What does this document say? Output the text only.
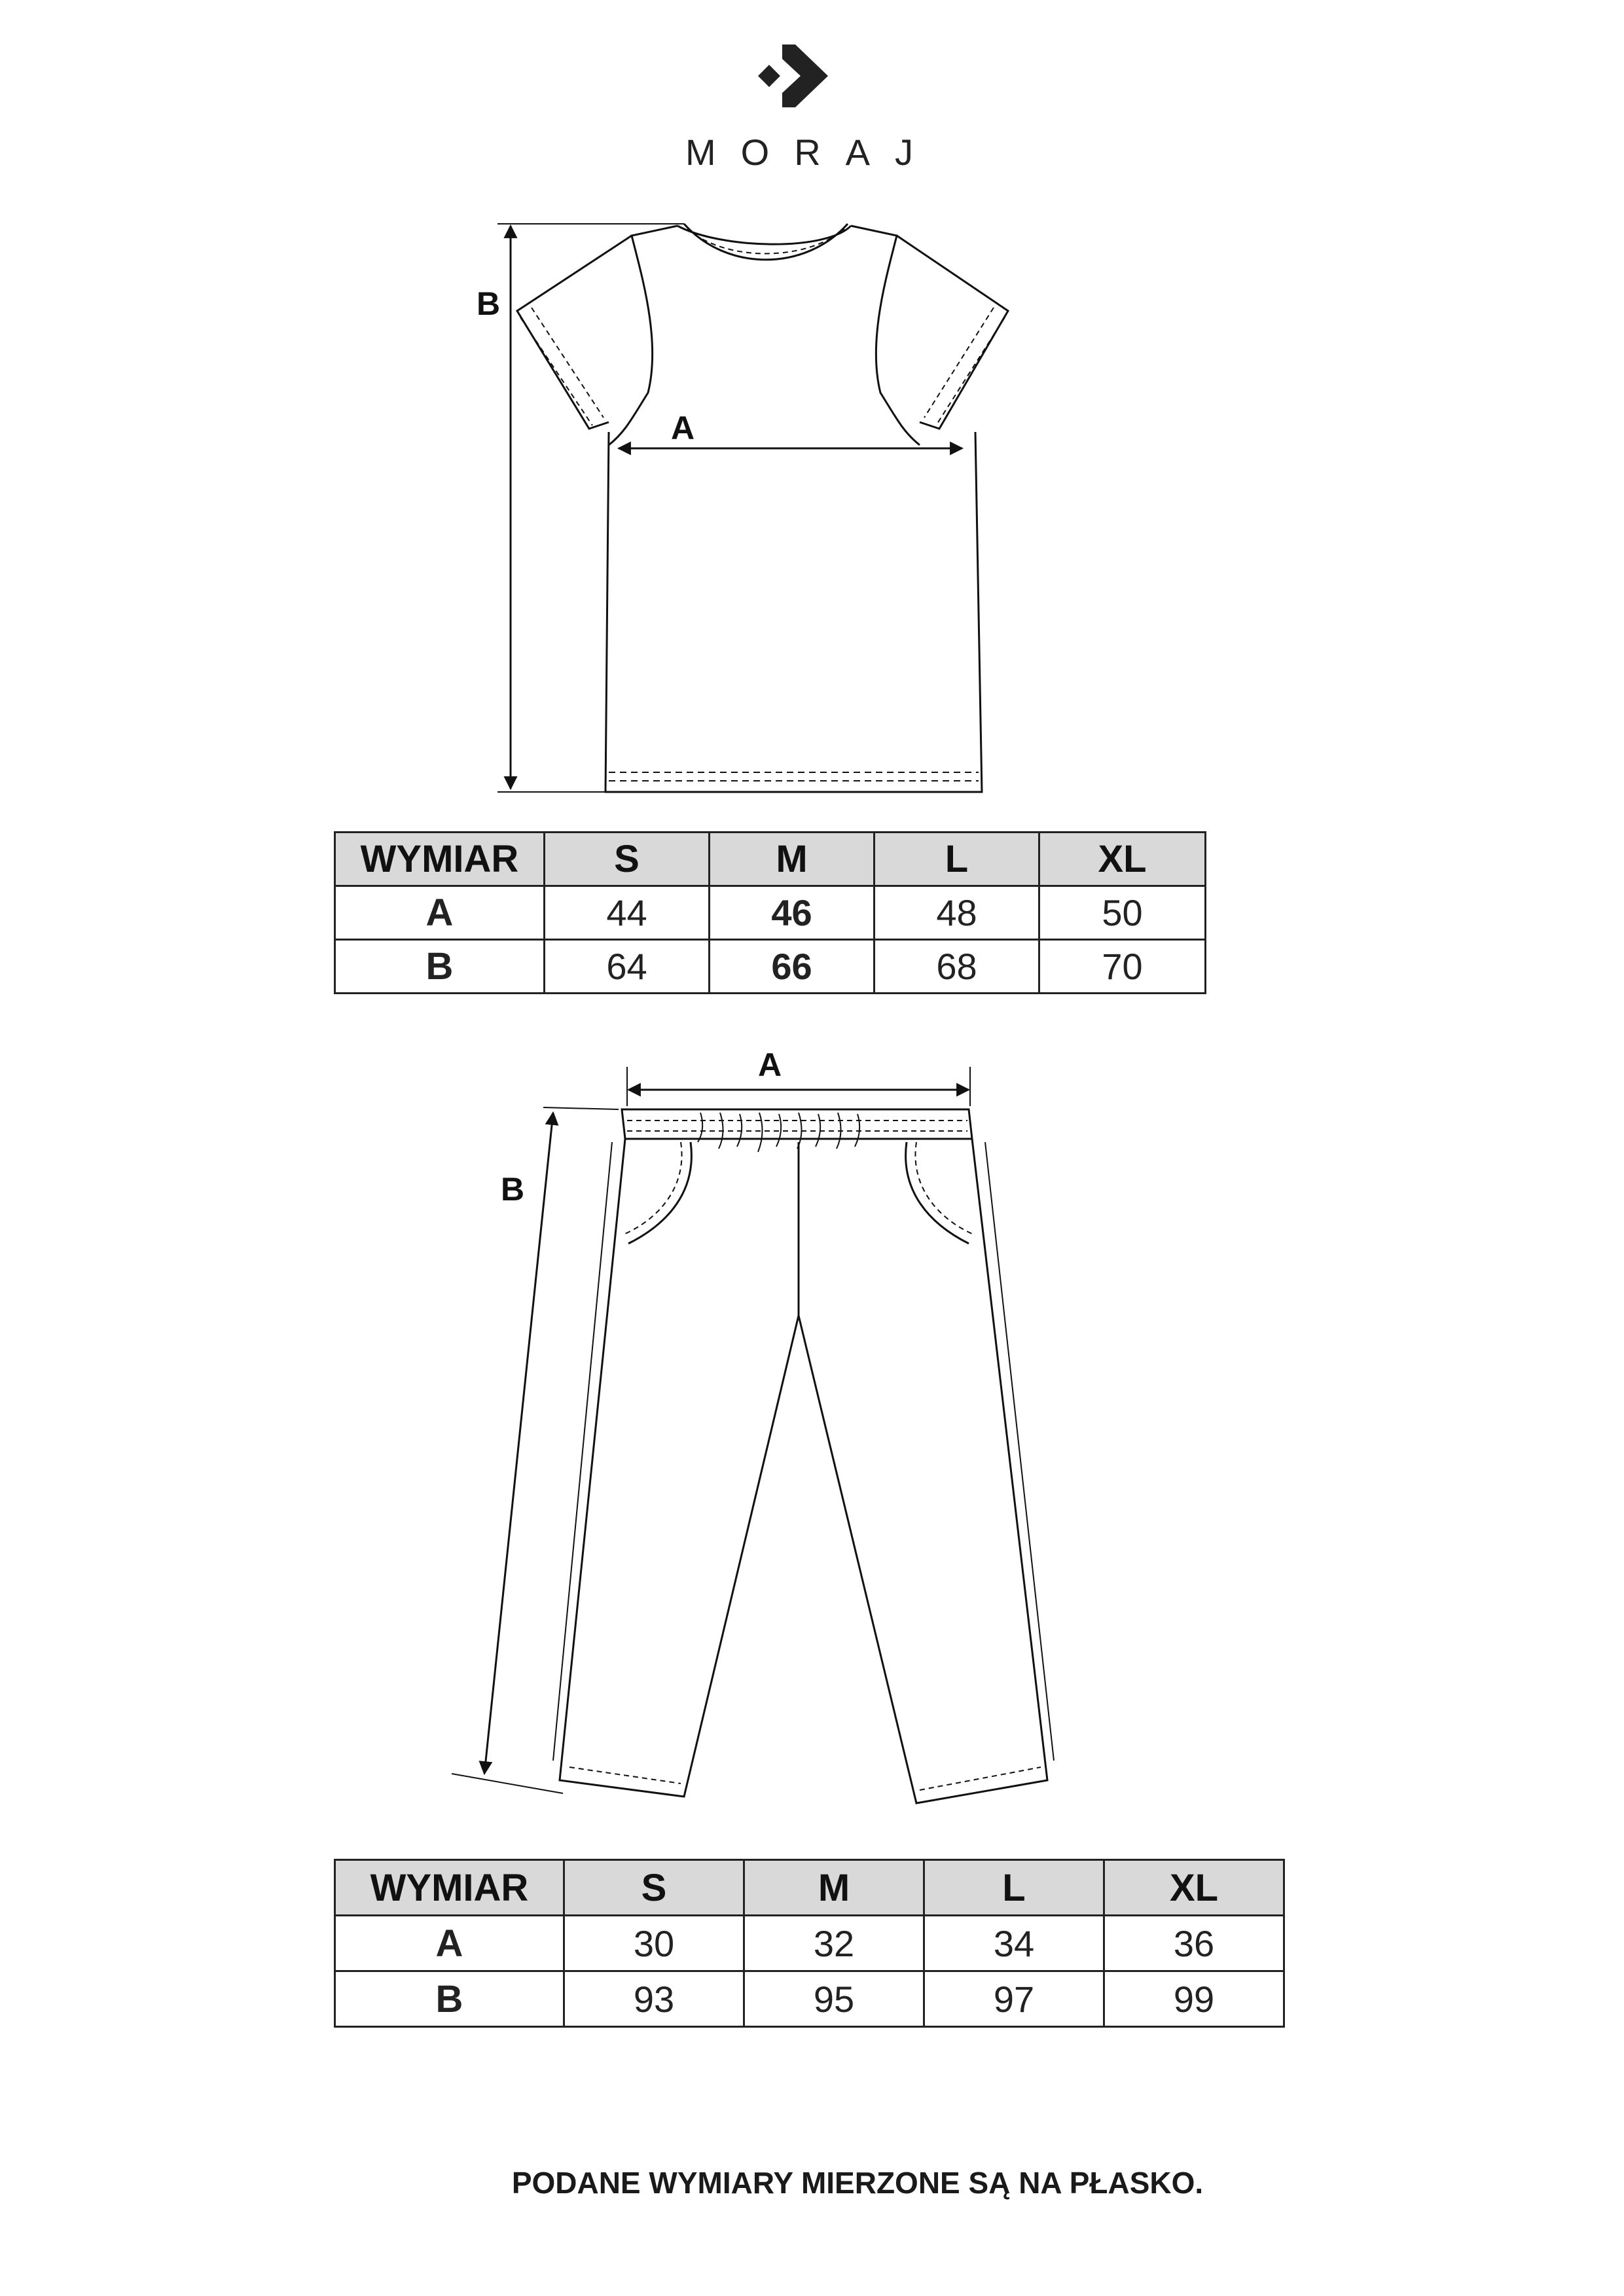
MORAJ
B
A
WYMIAR	S	M	L	XL
A	44	46	48	50
B	64	66	68	70
A
B
WYMIAR	S	M	L	XL
A	30	32	34	36
B	93	95	97	99
PODANE WYMIARY MIERZONE SĄ NA PŁASKO.
